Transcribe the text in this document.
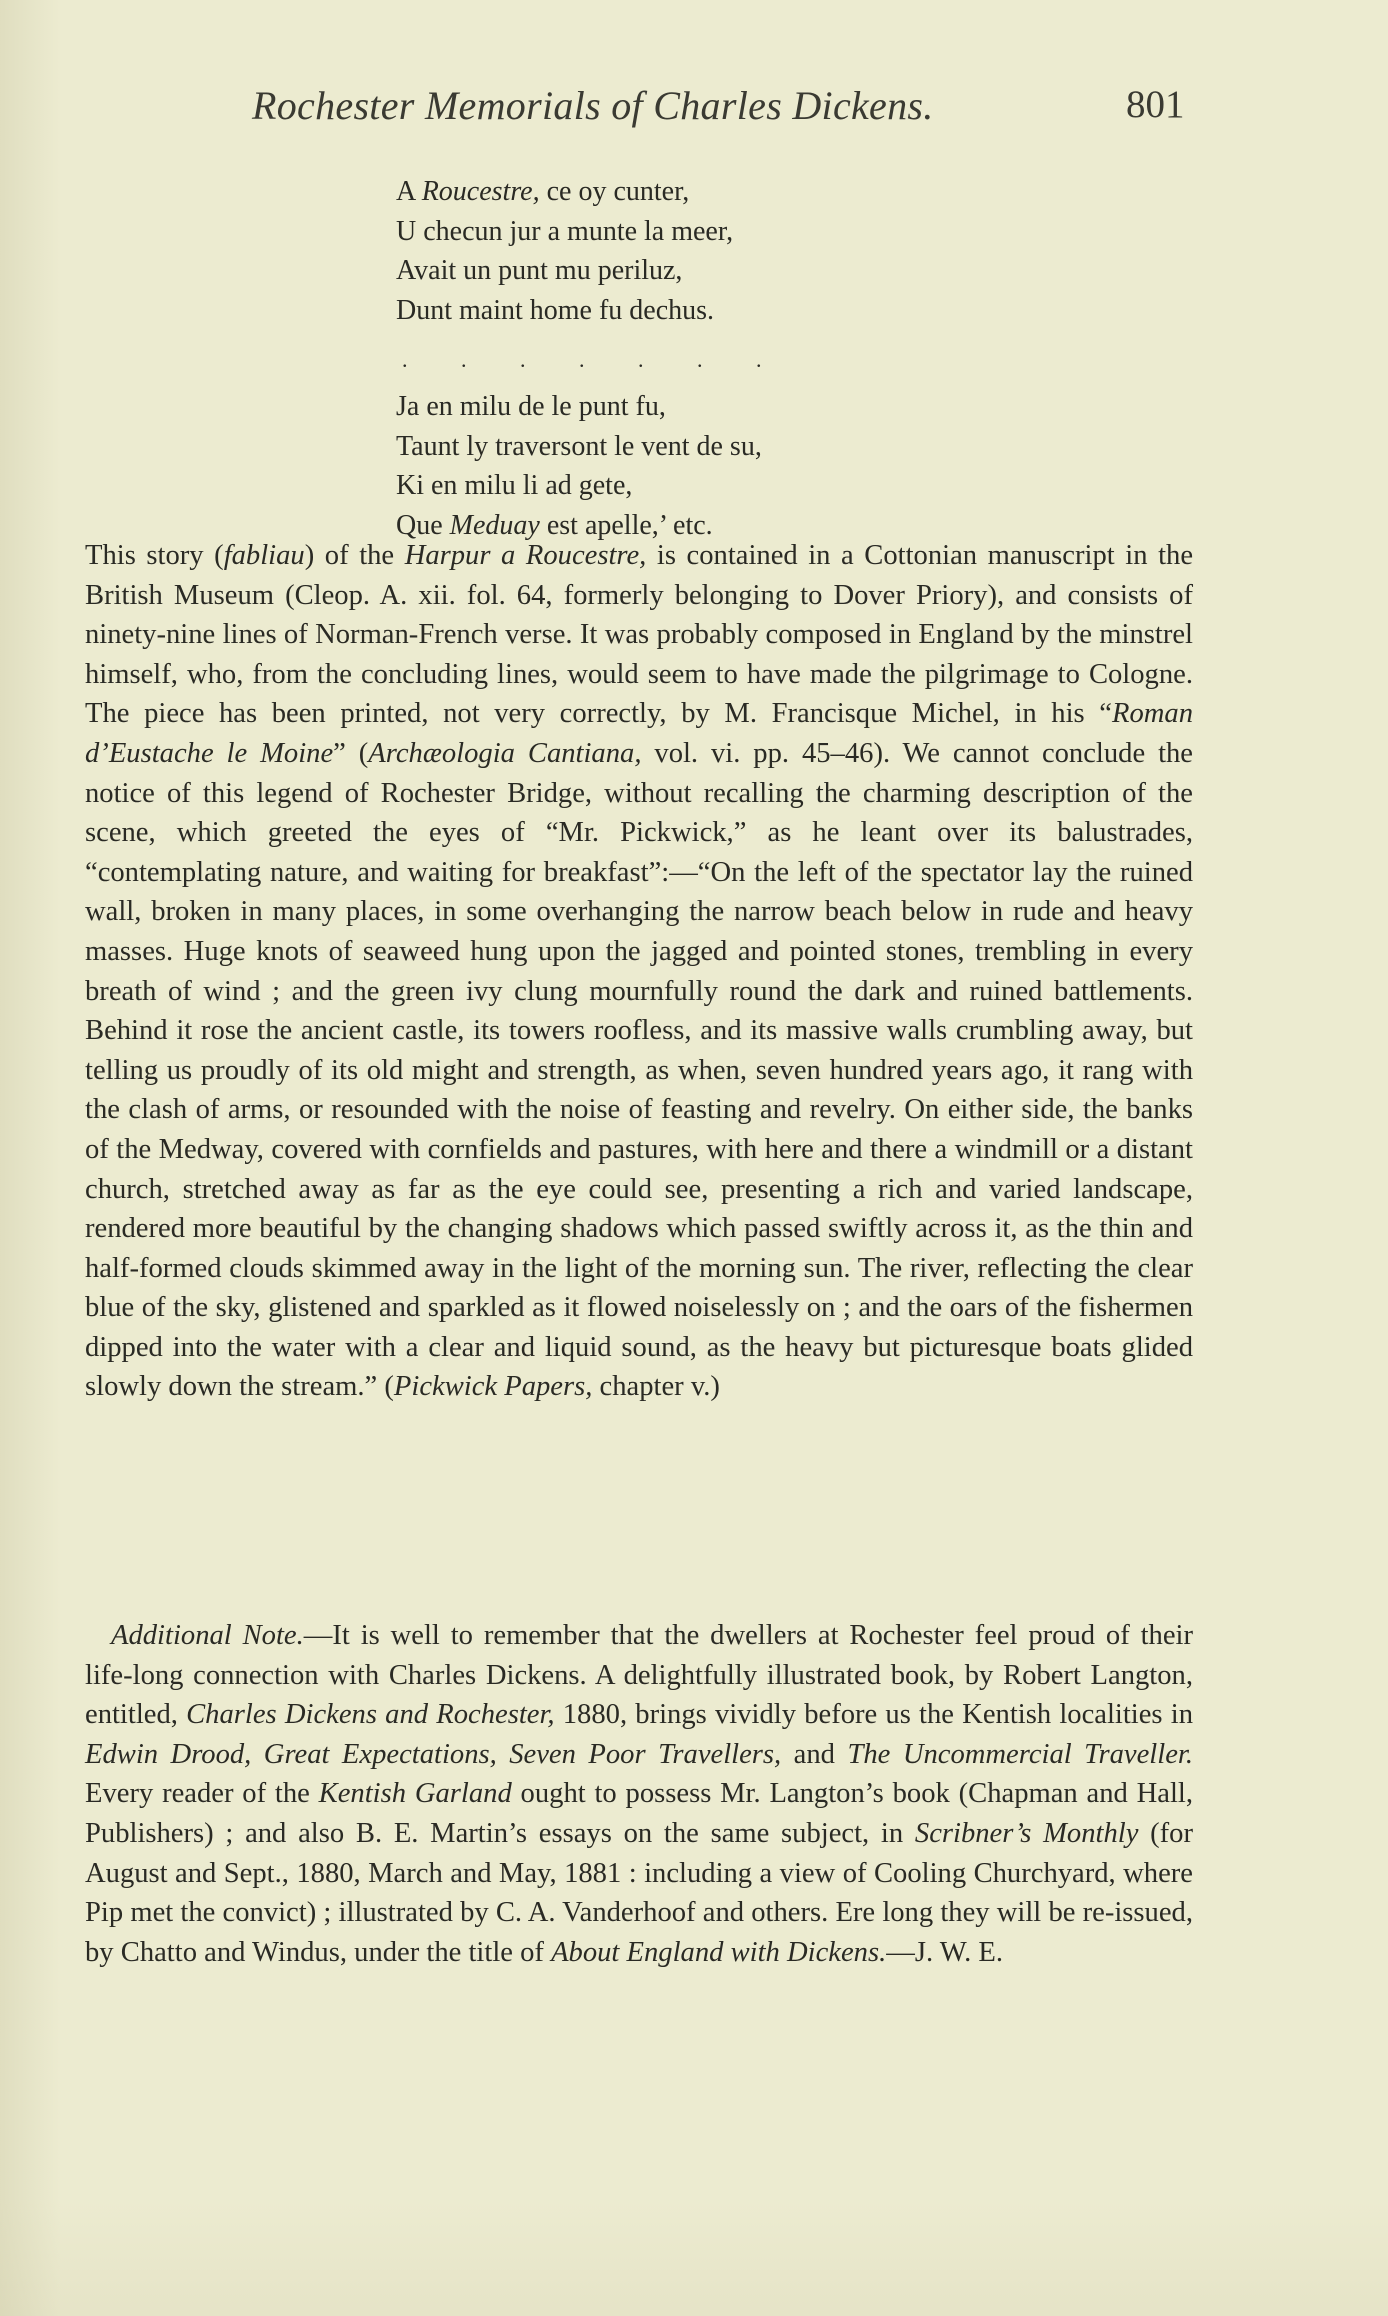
Rochester Memorials of Charles Dickens.	801
A Roucestre, ce oy cunter,
U checun jur a munte la meer,
Avait un punt mu periluz,
Dunt maint home fu dechus.
. . . . . . .
Ja en milu de le punt fu,
Taunt ly traversont le vent de su,
Ki en milu li ad gete,
Que Meduay est apelle,’ etc.

This story (fabliau) of the Harpur a Roucestre, is contained in a Cottonian manuscript in the British Museum (Cleop. A. xii. fol. 64, formerly belonging to Dover Priory), and consists of ninety-nine lines of Norman-French verse. It was probably composed in England by the minstrel himself, who, from the concluding lines, would seem to have made the pilgrimage to Cologne. The piece has been printed, not very correctly, by M. Francisque Michel, in his “Roman d’Eustache le Moine” (Archæologia Cantiana, vol. vi. pp. 45–46). We cannot conclude the notice of this legend of Rochester Bridge, without recalling the charming description of the scene, which greeted the eyes of “Mr. Pickwick,” as he leant over its balustrades, “contemplating nature, and waiting for breakfast”:—“On the left of the spectator lay the ruined wall, broken in many places, in some overhanging the narrow beach below in rude and heavy masses. Huge knots of seaweed hung upon the jagged and pointed stones, trembling in every breath of wind ; and the green ivy clung mournfully round the dark and ruined battlements. Behind it rose the ancient castle, its towers roofless, and its massive walls crumbling away, but telling us proudly of its old might and strength, as when, seven hundred years ago, it rang with the clash of arms, or resounded with the noise of feasting and revelry. On either side, the banks of the Medway, covered with cornfields and pastures, with here and there a windmill or a distant church, stretched away as far as the eye could see, presenting a rich and varied landscape, rendered more beautiful by the changing shadows which passed swiftly across it, as the thin and half-formed clouds skimmed away in the light of the morning sun. The river, reflecting the clear blue of the sky, glistened and sparkled as it flowed noiselessly on ; and the oars of the fishermen dipped into the water with a clear and liquid sound, as the heavy but picturesque boats glided slowly down the stream.” (Pickwick Papers, chapter v.)

Additional Note.—It is well to remember that the dwellers at Rochester feel proud of their life-long connection with Charles Dickens. A delightfully illustrated book, by Robert Langton, entitled, Charles Dickens and Rochester, 1880, brings vividly before us the Kentish localities in Edwin Drood, Great Expectations, Seven Poor Travellers, and The Uncommercial Traveller. Every reader of the Kentish Garland ought to possess Mr. Langton’s book (Chapman and Hall, Publishers) ; and also B. E. Martin’s essays on the same subject, in Scribner’s Monthly (for August and Sept., 1880, March and May, 1881 : including a view of Cooling Churchyard, where Pip met the convict) ; illustrated by C. A. Vanderhoof and others. Ere long they will be re-issued, by Chatto and Windus, under the title of About England with Dickens.—J. W. E.
